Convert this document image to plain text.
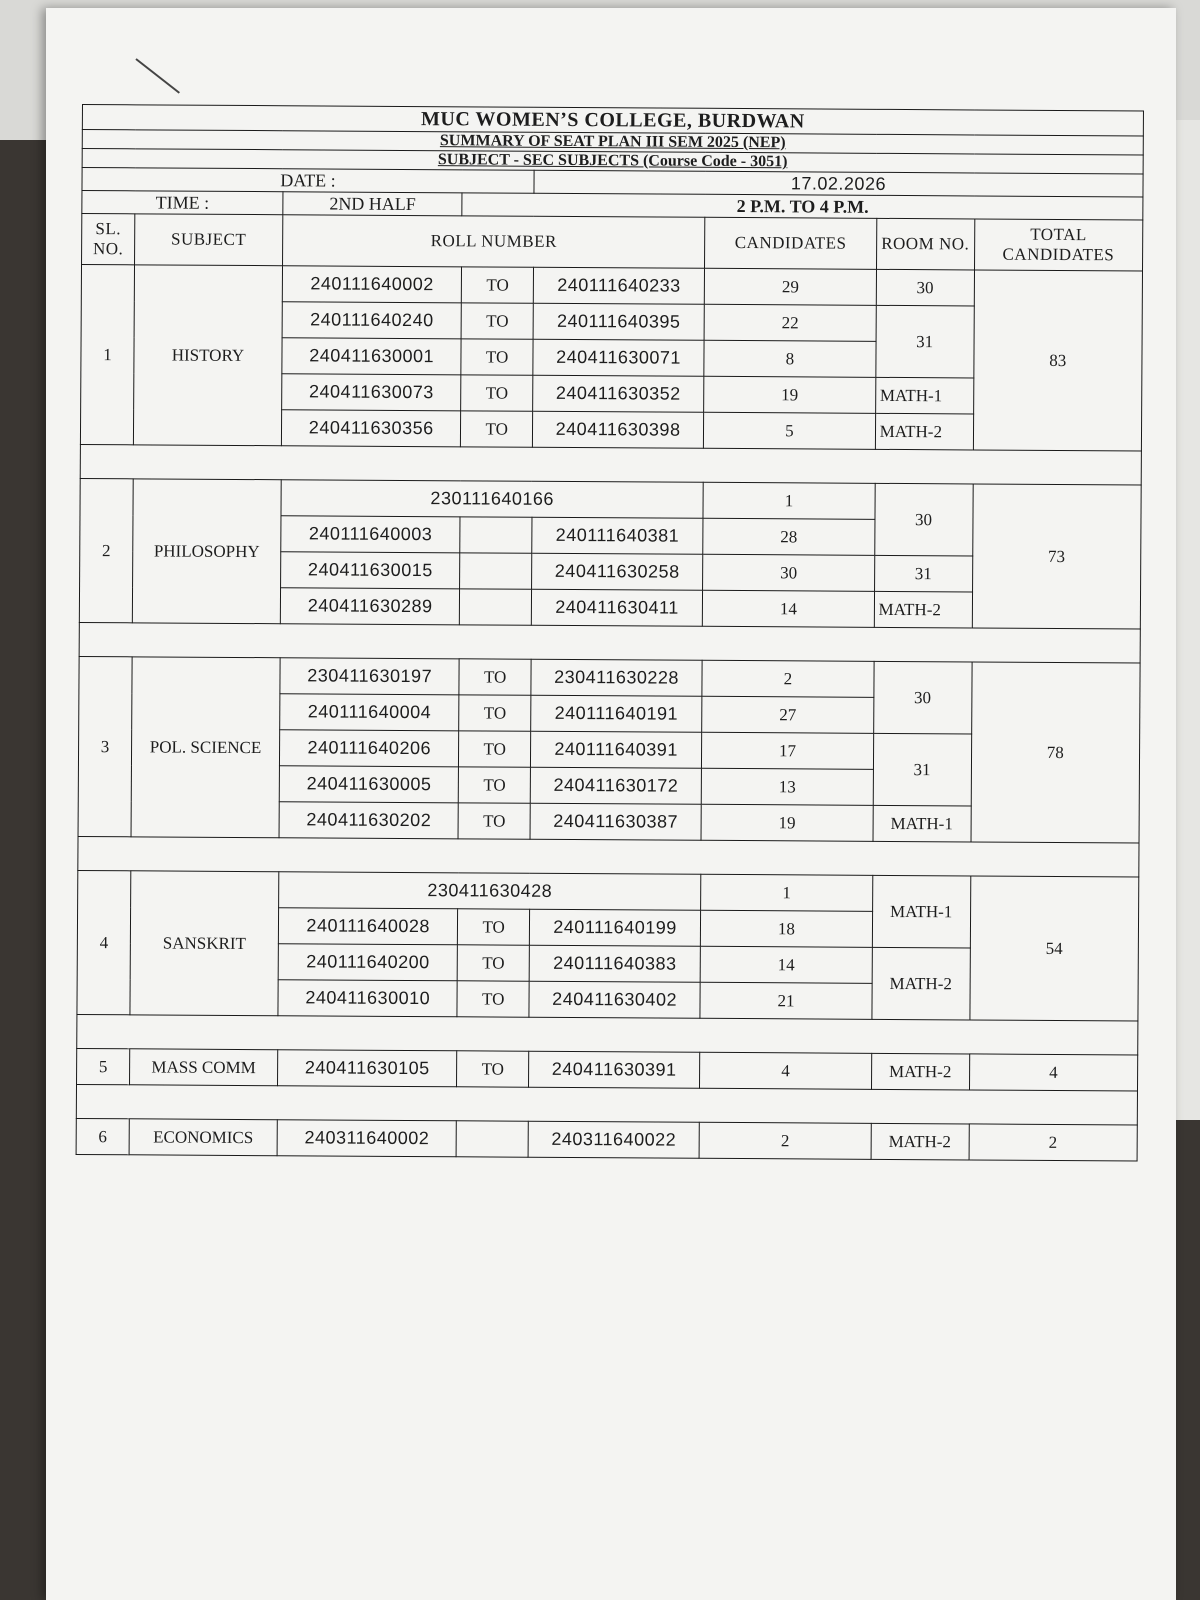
MUC WOMEN’S COLLEGE, BURDWAN							
SUMMARY OF SEAT PLAN III SEM 2025 (NEP)							
SUBJECT - SEC SUBJECTS (Course Code - 3051)							
DATE :				17.02.2026			
TIME :		2ND HALF	2 P.M. TO 4 P.M.				
SL. NO.	SUBJECT	ROLL NUMBER			CANDIDATES	ROOM NO.	TOTAL CANDIDATES
1	HISTORY	240111640002	TO	240111640233	29	30	83
		240111640240	TO	240111640395	22	31	
		240411630001	TO	240411630071	8		
		240411630073	TO	240411630352	19	MATH-1	
		240411630356	TO	240411630398	5	MATH-2	

2	PHILOSOPHY	230111640166			1	30	73
		240111640003		240111640381	28		
		240411630015		240411630258	30	31	
		240411630289		240411630411	14	MATH-2	

3	POL. SCIENCE	230411630197	TO	230411630228	2	30	78
		240111640004	TO	240111640191	27		
		240111640206	TO	240111640391	17	31	
		240411630005	TO	240411630172	13		
		240411630202	TO	240411630387	19	MATH-1	

4	SANSKRIT	230411630428			1	MATH-1	54
		240111640028	TO	240111640199	18		
		240111640200	TO	240111640383	14	MATH-2	
		240411630010	TO	240411630402	21		

5	MASS COMM	240411630105	TO	240411630391	4	MATH-2	4

6	ECONOMICS	240311640002		240311640022	2	MATH-2	2
